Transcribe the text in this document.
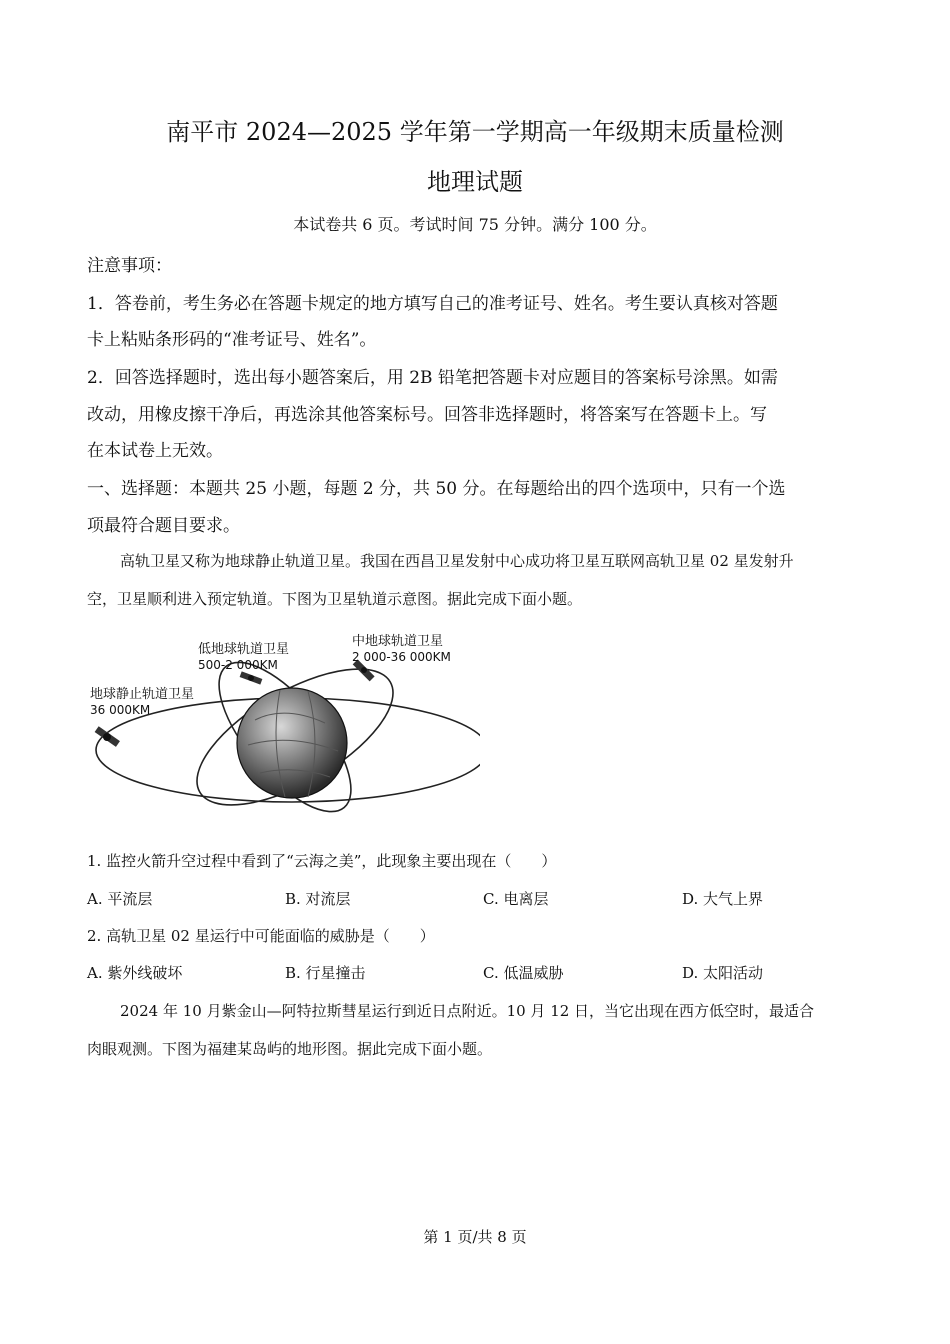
南平市 2024—2025 学年第一学期高一年级期末质量检测
地理试题
本试卷共 6 页。考试时间 75 分钟。满分 100 分。
注意事项：
1．答卷前，考生务必在答题卡规定的地方填写自己的准考证号、姓名。考生要认真核对答题
卡上粘贴条形码的“准考证号、姓名”。
2．回答选择题时，选出每小题答案后，用 2B 铅笔把答题卡对应题目的答案标号涂黑。如需
改动，用橡皮擦干净后，再选涂其他答案标号。回答非选择题时，将答案写在答题卡上。写
在本试卷上无效。
一、选择题：本题共 25 小题，每题 2 分，共 50 分。在每题给出的四个选项中，只有一个选
项最符合题目要求。
高轨卫星又称为地球静止轨道卫星。我国在西昌卫星发射中心成功将卫星互联网高轨卫星 02 星发射升
空，卫星顺利进入预定轨道。下图为卫星轨道示意图。据此完成下面小题。
低地球轨道卫星
500-2 000KM
中地球轨道卫星
2 000-36 000KM
地球静止轨道卫星
36 000KM
1. 监控火箭升空过程中看到了“云海之美”，此现象主要出现在（　　）
A. 平流层	B. 对流层	C. 电离层	D. 大气上界
2. 高轨卫星 02 星运行中可能面临的威胁是（　　）
A. 紫外线破坏	B. 行星撞击	C. 低温威胁	D. 太阳活动
2024 年 10 月紫金山—阿特拉斯彗星运行到近日点附近。10 月 12 日，当它出现在西方低空时，最适合
肉眼观测。下图为福建某岛屿的地形图。据此完成下面小题。
第 1 页/共 8 页
